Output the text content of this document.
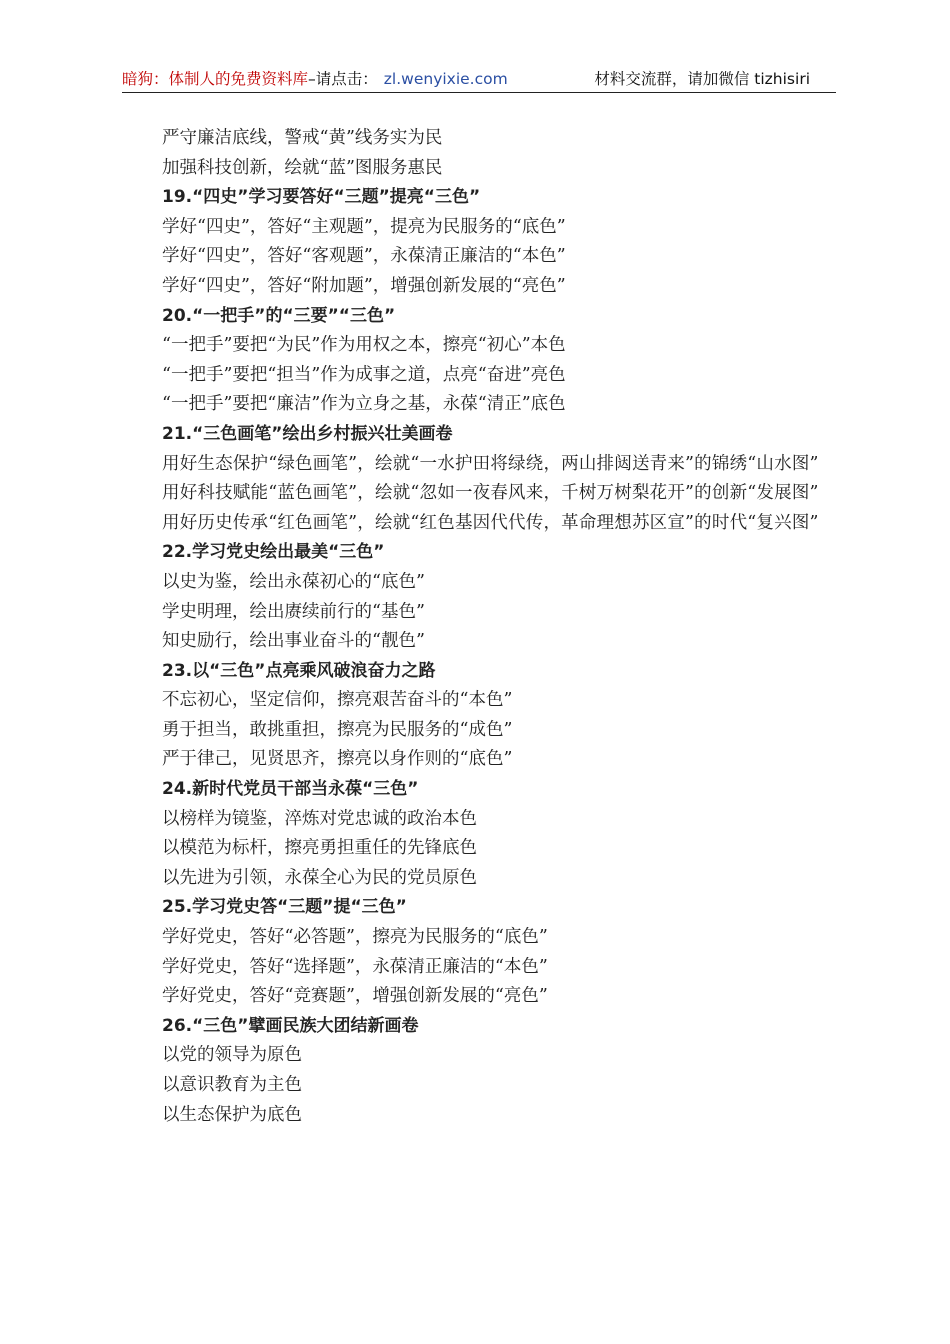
暗狗：体制人的免费资料库–请点击： zl.wenyixie.com	材料交流群，请加微信 tizhisiri
严守廉洁底线，警戒“黄”线务实为民
加强科技创新，绘就“蓝”图服务惠民
19.“四史”学习要答好“三题”提亮“三色”
学好“四史”，答好“主观题”，提亮为民服务的“底色”
学好“四史”，答好“客观题”，永葆清正廉洁的“本色”
学好“四史”，答好“附加题”，增强创新发展的“亮色”
20.“一把手”的“三要”“三色”
“一把手”要把“为民”作为用权之本，擦亮“初心”本色
“一把手”要把“担当”作为成事之道，点亮“奋进”亮色
“一把手”要把“廉洁”作为立身之基，永葆“清正”底色
21.“三色画笔”绘出乡村振兴壮美画卷
用好生态保护“绿色画笔”，绘就“一水护田将绿绕，两山排闼送青来”的锦绣“山水图”
用好科技赋能“蓝色画笔”，绘就“忽如一夜春风来，千树万树梨花开”的创新“发展图”
用好历史传承“红色画笔”，绘就“红色基因代代传，革命理想苏区宣”的时代“复兴图”
22.学习党史绘出最美“三色”
以史为鉴，绘出永葆初心的“底色”
学史明理，绘出赓续前行的“基色”
知史励行，绘出事业奋斗的“靓色”
23.以“三色”点亮乘风破浪奋力之路
不忘初心，坚定信仰，擦亮艰苦奋斗的“本色”
勇于担当，敢挑重担，擦亮为民服务的“成色”
严于律己，见贤思齐，擦亮以身作则的“底色”
24.新时代党员干部当永葆“三色”
以榜样为镜鉴，淬炼对党忠诚的政治本色
以模范为标杆，擦亮勇担重任的先锋底色
以先进为引领，永葆全心为民的党员原色
25.学习党史答“三题”提“三色”
学好党史，答好“必答题”，擦亮为民服务的“底色”
学好党史，答好“选择题”，永葆清正廉洁的“本色”
学好党史，答好“竞赛题”，增强创新发展的“亮色”
26.“三色”擘画民族大团结新画卷
以党的领导为原色
以意识教育为主色
以生态保护为底色
